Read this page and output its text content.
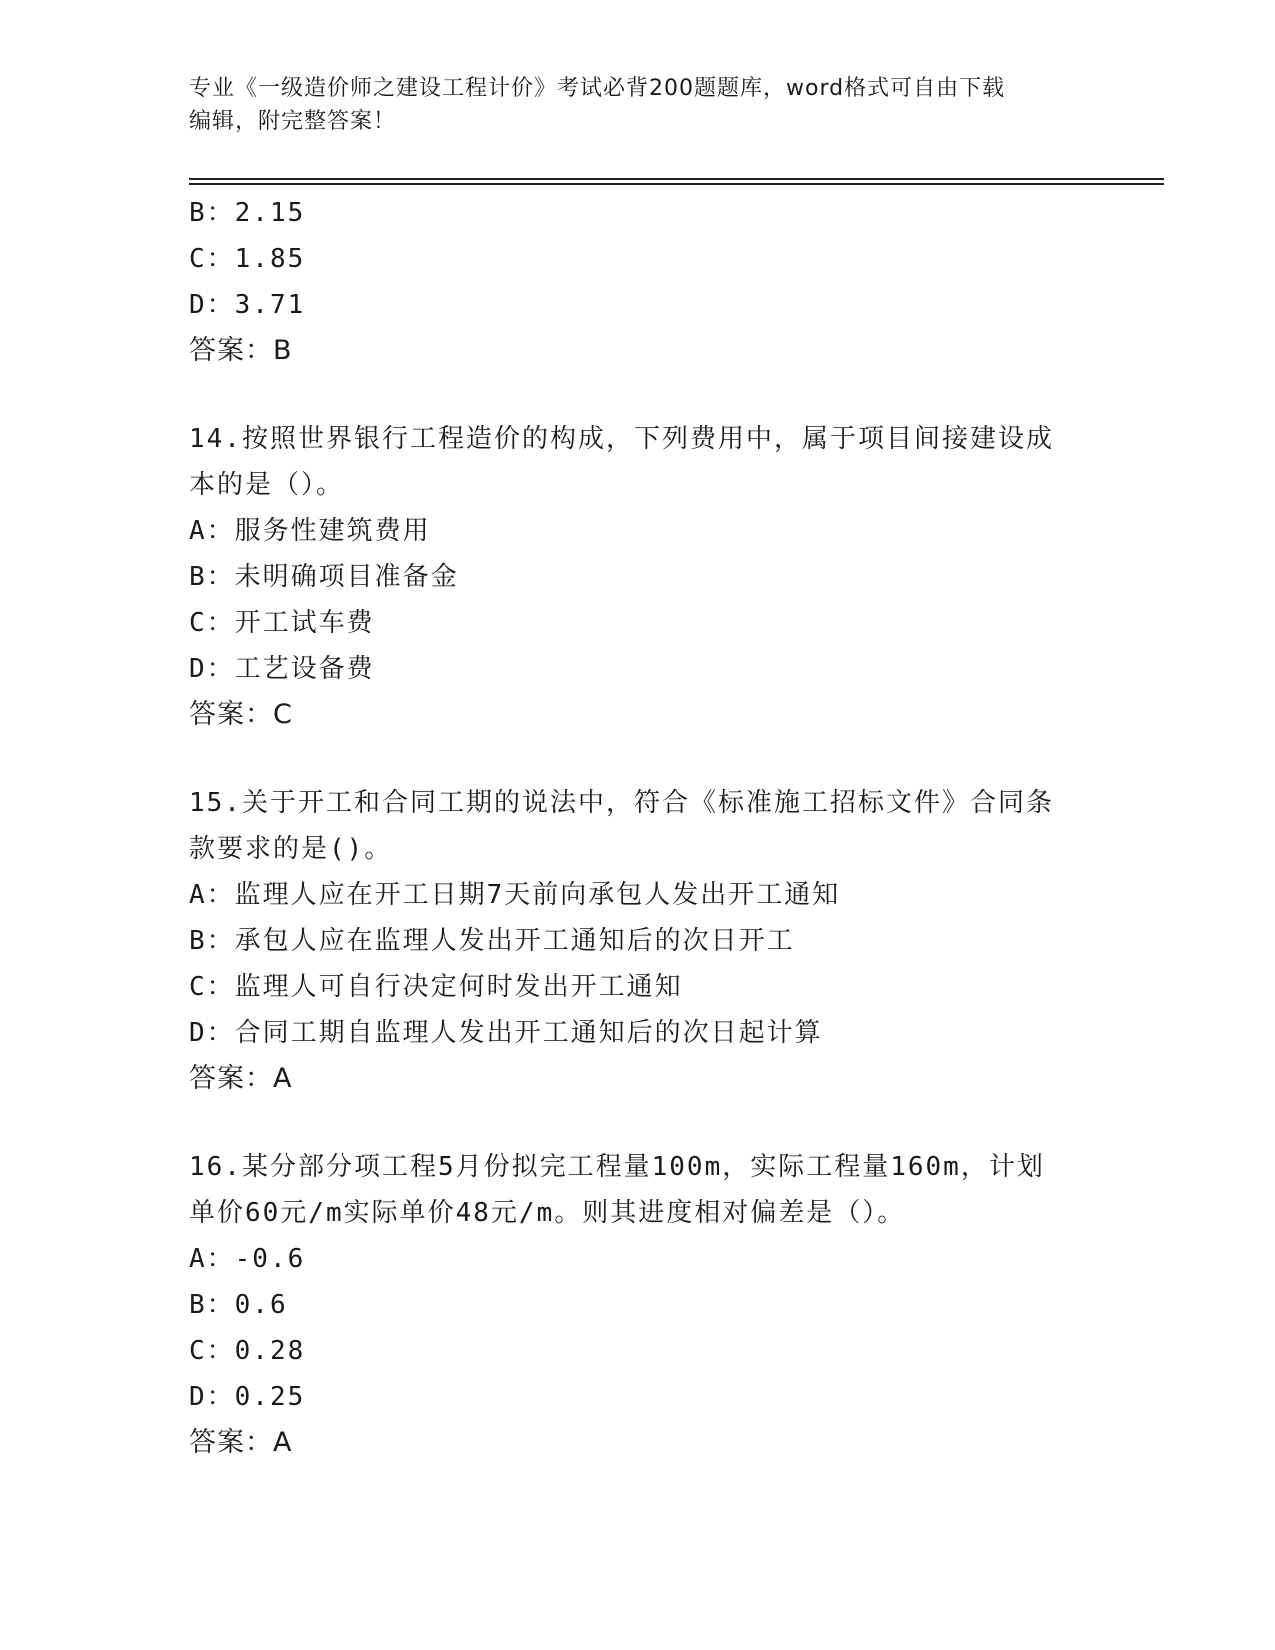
专业《一级造价师之建设工程计价》考试必背200题题库，word格式可自由下载
编辑，附完整答案！
B：2.15
C：1.85
D：3.71
答案：B
14.按照世界银行工程造价的构成，下列费用中，属于项目间接建设成
本的是（）。
A：服务性建筑费用
B：未明确项目准备金
C：开工试车费
D：工艺设备费
答案：C
15.关于开工和合同工期的说法中，符合《标准施工招标文件》合同条
款要求的是()。
A：监理人应在开工日期7天前向承包人发出开工通知
B：承包人应在监理人发出开工通知后的次日开工
C：监理人可自行决定何时发出开工通知
D：合同工期自监理人发出开工通知后的次日起计算
答案：A
16.某分部分项工程5月份拟完工程量100m，实际工程量160m，计划
单价60元/m实际单价48元/m。则其进度相对偏差是（）。
A：-0.6
B：0.6
C：0.28
D：0.25
答案：A
